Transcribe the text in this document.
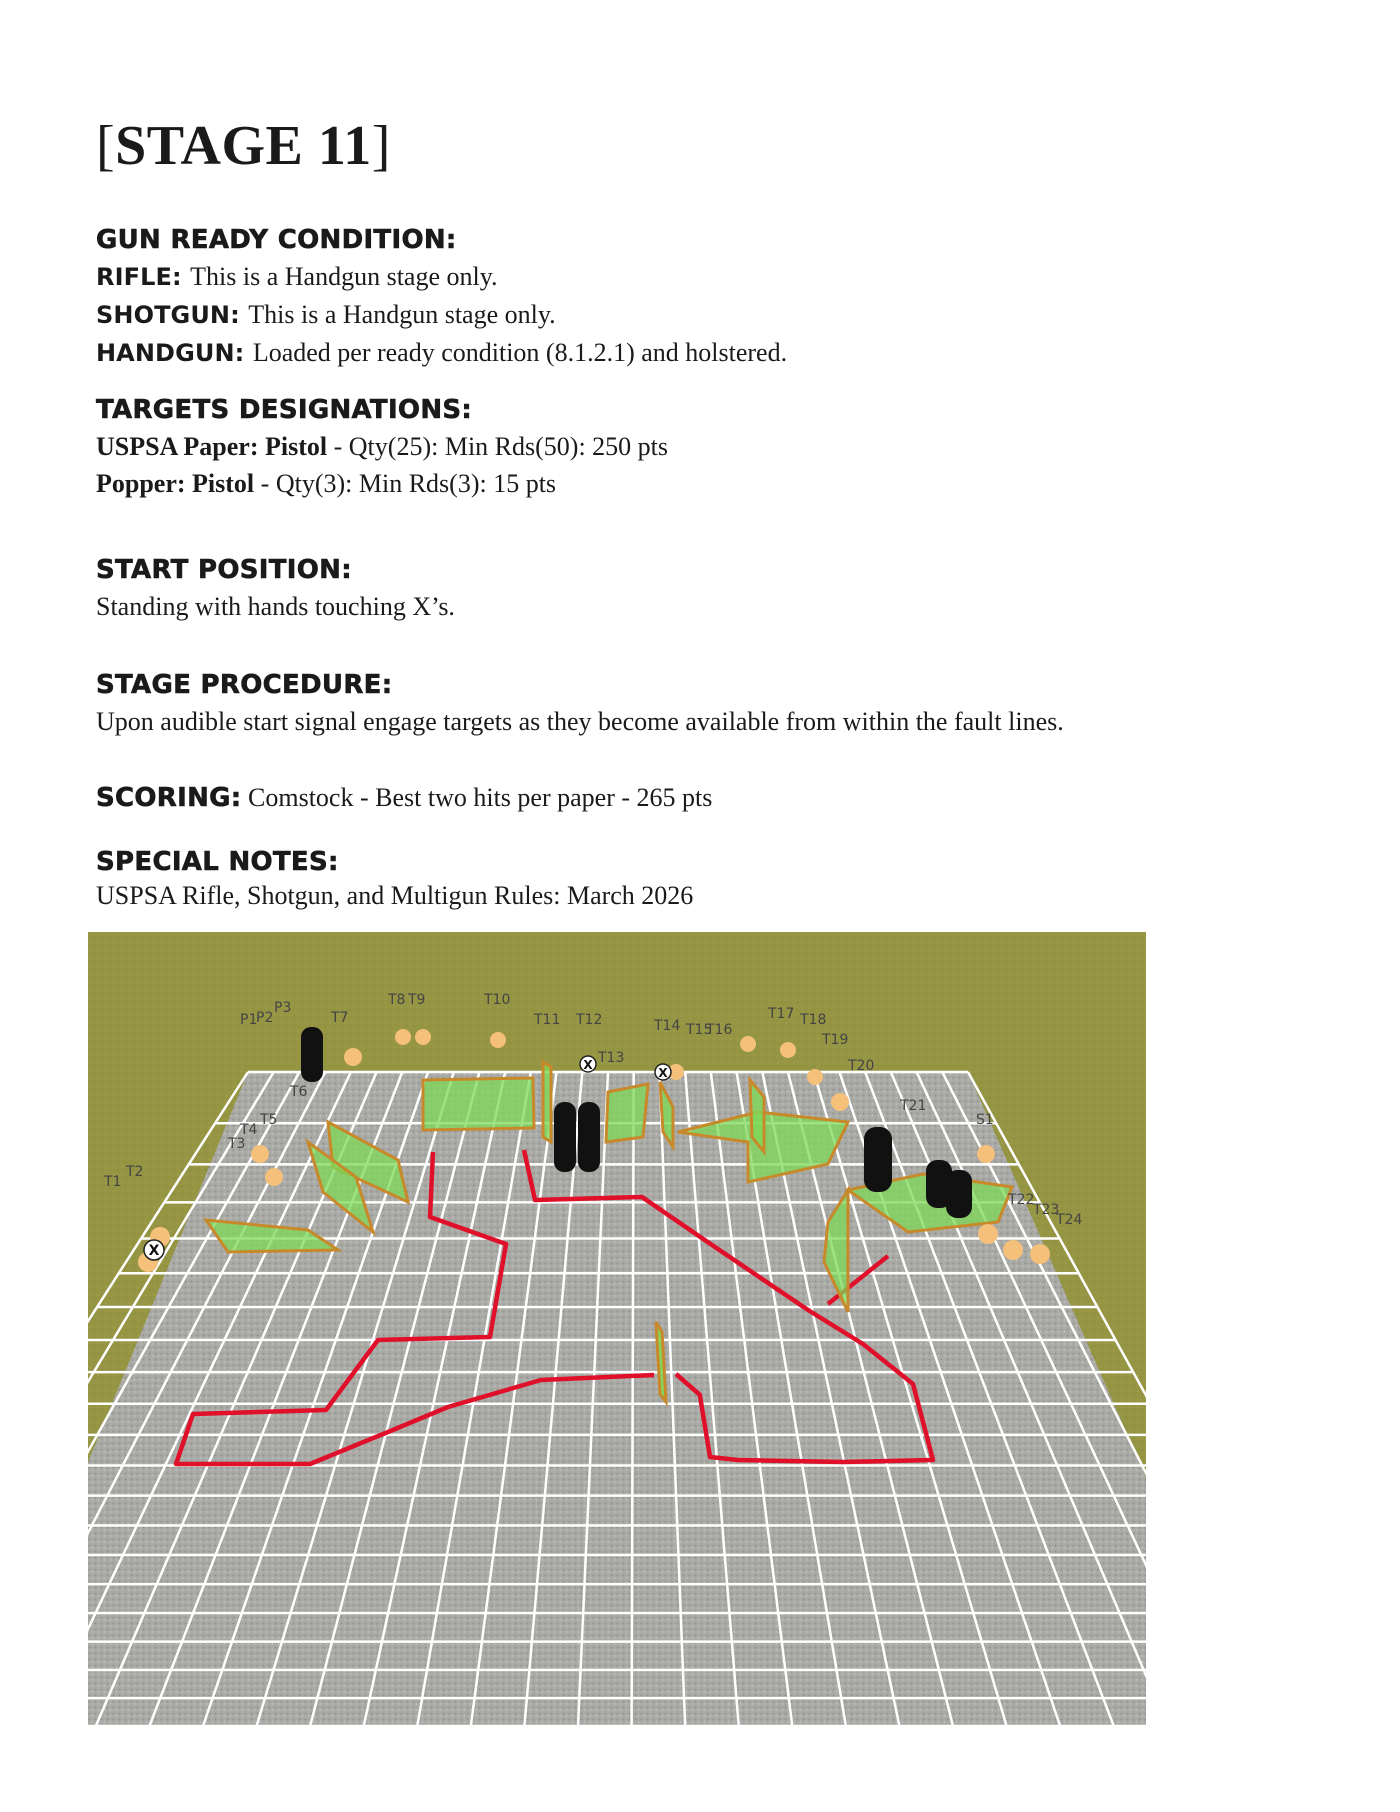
[STAGE 11]
GUN READY CONDITION:
RIFLE: This is a Handgun stage only.
SHOTGUN: This is a Handgun stage only.
HANDGUN: Loaded per ready condition (8.1.2.1) and holstered.
TARGETS DESIGNATIONS:
USPSA Paper: Pistol - Qty(25): Min Rds(50): 250 pts
Popper: Pistol - Qty(3): Min Rds(3): 15 pts
START POSITION:
Standing with hands touching X’s.
STAGE PROCEDURE:
Upon audible start signal engage targets as they become available from within the fault lines.
SCORING: Comstock - Best two hits per paper - 265 pts
SPECIAL NOTES:
USPSA Rifle, Shotgun, and Multigun Rules: March 2026
X
X
X
P1
P2
P3
T7
T8 T9	T10
T11 T12
T13
T14 T15
T16
T17 T18
T19
T20
T21
S1
T6
T4
T5
T3
T1
T2
T22
T23
T24
